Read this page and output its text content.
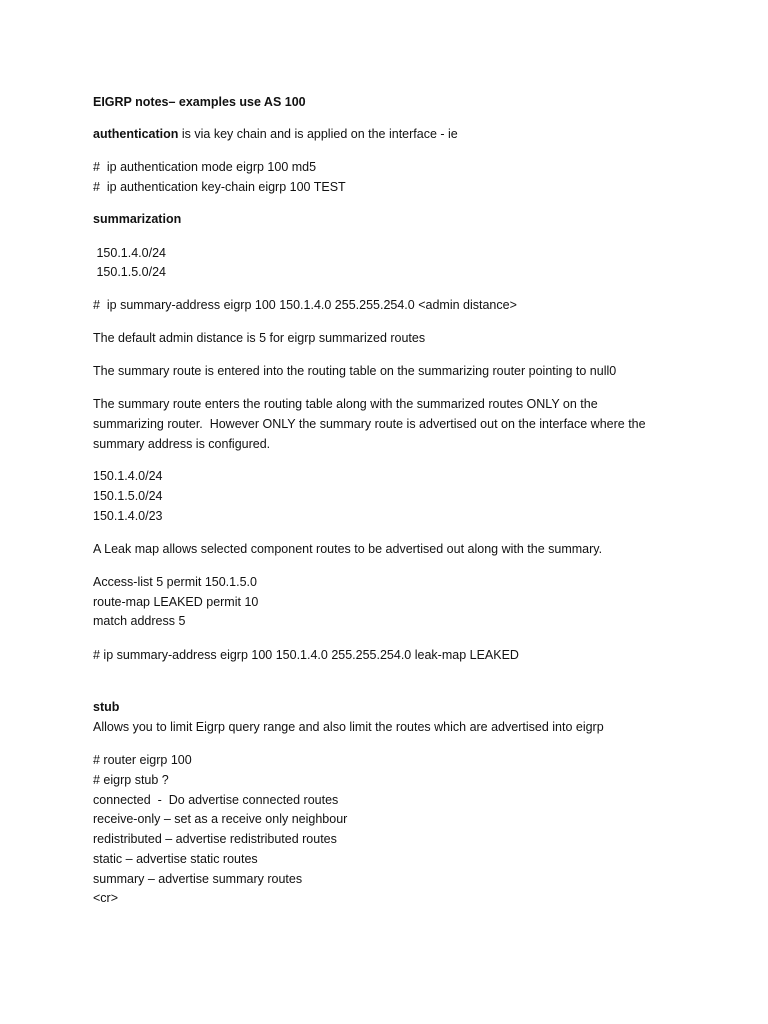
EIGRP notes– examples use AS 100

authentication is via key chain and is applied on the interface - ie

#  ip authentication mode eigrp 100 md5

#  ip authentication key-chain eigrp 100 TEST

summarization

150.1.4.0/24

150.1.5.0/24

#  ip summary-address eigrp 100 150.1.4.0 255.255.254.0 <admin distance>

The default admin distance is 5 for eigrp summarized routes

The summary route is entered into the routing table on the summarizing router pointing to null0

The summary route enters the routing table along with the summarized routes ONLY on the

summarizing router.  However ONLY the summary route is advertised out on the interface where the

summary address is configured.

150.1.4.0/24

150.1.5.0/24

150.1.4.0/23

A Leak map allows selected component routes to be advertised out along with the summary.

Access-list 5 permit 150.1.5.0

route-map LEAKED permit 10

match address 5

# ip summary-address eigrp 100 150.1.4.0 255.255.254.0 leak-map LEAKED

stub

Allows you to limit Eigrp query range and also limit the routes which are advertised into eigrp

# router eigrp 100

# eigrp stub ?

connected  -  Do advertise connected routes

receive-only – set as a receive only neighbour

redistributed – advertise redistributed routes

static – advertise static routes

summary – advertise summary routes

<cr>
